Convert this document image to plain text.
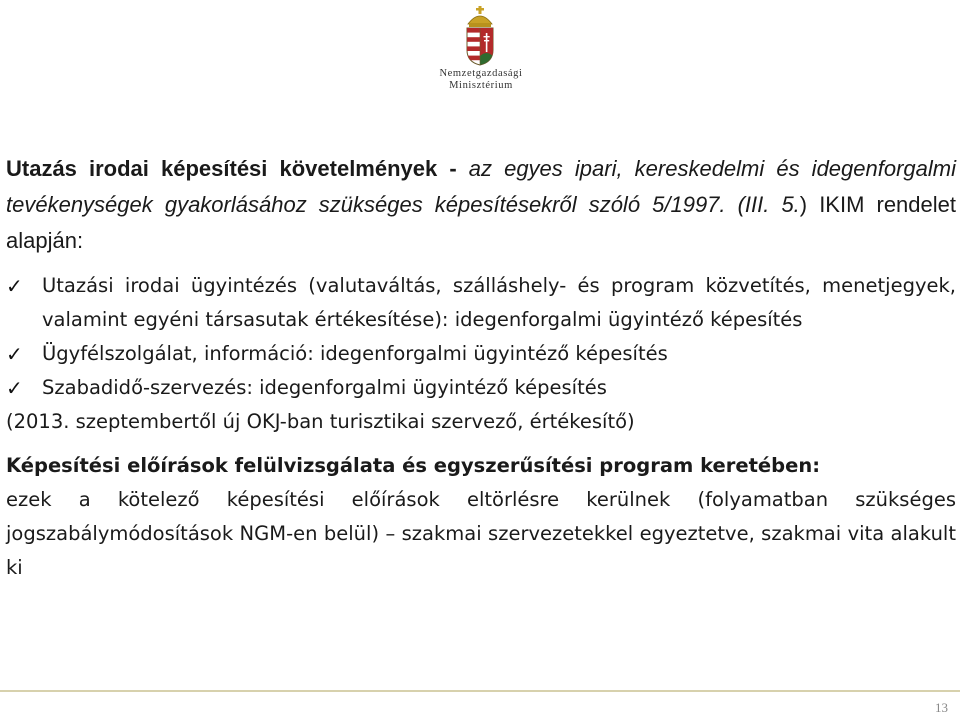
Nemzetgazdasági
Minisztérium

Utazás irodai képesítési követelmények - az egyes ipari, kereskedelmi és idegenforgalmi tevékenységek gyakorlásához szükséges képesítésekről szóló 5/1997. (III. 5.) IKIM rendelet alapján:

✓ Utazási irodai ügyintézés (valutaváltás, szálláshely- és program közvetítés, menetjegyek, valamint egyéni társasutak értékesítése): idegenforgalmi ügyintéző képesítés
✓ Ügyfélszolgálat, információ: idegenforgalmi ügyintéző képesítés
✓ Szabadidő-szervezés: idegenforgalmi ügyintéző képesítés

(2013. szeptembertől új OKJ-ban turisztikai szervező, értékesítő)

Képesítési előírások felülvizsgálata és egyszerűsítési program keretében:

ezek a kötelező képesítési előírások eltörlésre kerülnek (folyamatban szükséges jogszabálymódosítások NGM-en belül) – szakmai szervezetekkel egyeztetve, szakmai vita alakult ki

13
